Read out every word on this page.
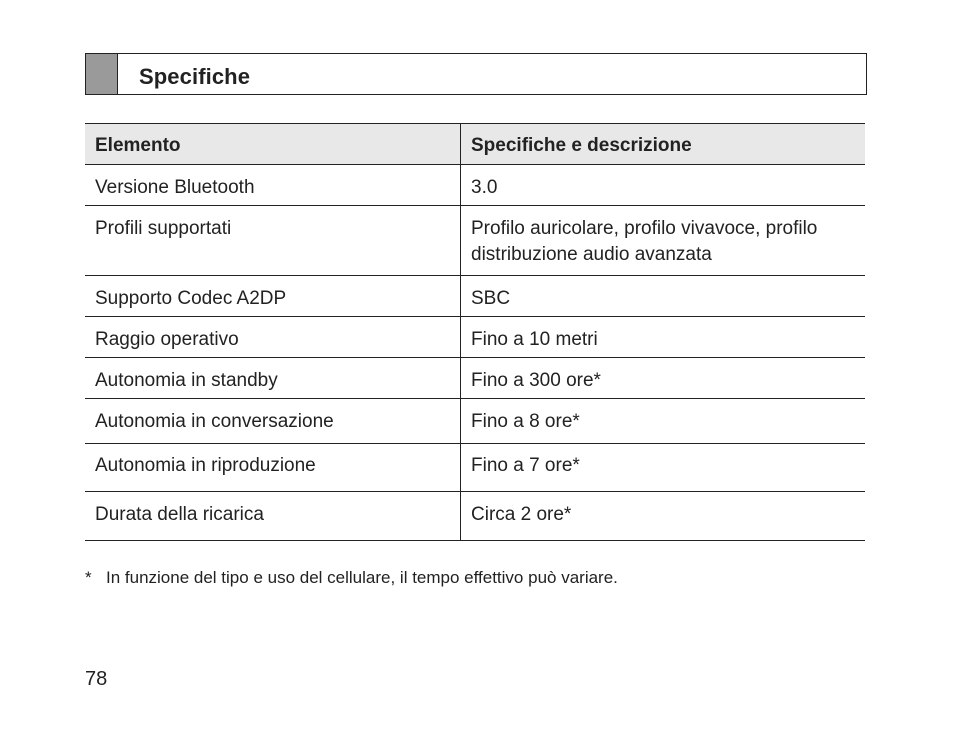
Specifiche
Elemento	Specifiche e descrizione
Versione Bluetooth	3.0
Profili supportati	Profilo auricolare, profilo vivavoce, profilo distribuzione audio avanzata
Supporto Codec A2DP	SBC
Raggio operativo	Fino a 10 metri
Autonomia in standby	Fino a 300 ore*
Autonomia in conversazione	Fino a 8 ore*
Autonomia in riproduzione	Fino a 7 ore*
Durata della ricarica	Circa 2 ore*
* In funzione del tipo e uso del cellulare, il tempo effettivo può variare.
78
